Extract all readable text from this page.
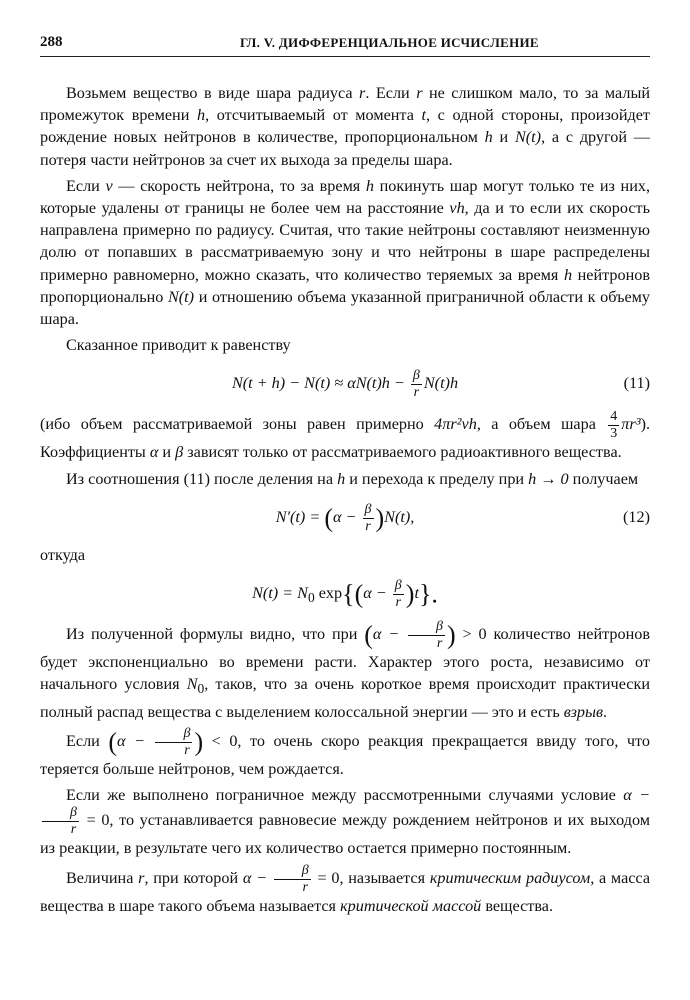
288	ГЛ. V. ДИФФЕРЕНЦИАЛЬНОЕ ИСЧИСЛЕНИЕ

Возьмем вещество в виде шара радиуса r. Если r не слишком мало, то за малый промежуток времени h, отсчитываемый от момента t, с одной стороны, произойдет рождение новых нейтронов в количестве, пропорциональном h и N(t), а с другой — потеря части нейтронов за счет их выхода за пределы шара.

Если v — скорость нейтрона, то за время h покинуть шар могут только те из них, которые удалены от границы не более чем на расстояние vh, да и то если их скорость направлена примерно по радиусу. Считая, что такие нейтроны составляют неизменную долю от попавших в рассматриваемую зону и что нейтроны в шаре распределены примерно равномерно, можно сказать, что количество теряемых за время h нейтронов пропорционально N(t) и отношению объема указанной приграничной области к объему шара.

Сказанное приводит к равенству

$N(t + h) - N(t) \approx \alpha N(t)h - \frac{\beta}{r} N(t)h$	(11)

(ибо объем рассматриваемой зоны равен примерно 4πr²vh, а объем шара $\frac{4}{3} \pi r^3$). Коэффициенты α и β зависят только от рассматриваемого радиоактивного вещества.

Из соотношения (11) после деления на h и перехода к пределу при h → 0 получаем

$N'(t) = (\alpha - \frac{\beta}{r} )N(t)$,	(12)

откуда

$N(t) = N_0$ $\exp\{(\alpha - \frac{\beta}{r} )t\}$.

Из полученной формулы видно, что при ($\alpha - \frac{\beta}{r}$ ) > 0 количество нейтронов будет экспоненциально во времени расти. Характер этого роста, независимо от начального условия $N_0$, таков, что за очень короткое время происходит практически полный распад вещества с выделением колоссальной энергии — это и есть взрыв.

Если ($\alpha - \frac{\beta}{r}$ ) < 0, то очень скоро реакция прекращается ввиду того, что теряется больше нейтронов, чем рождается.

Если же выполнено пограничное между рассмотренными случаями условие α −
$\frac{\beta}{r} = 0$, то устанавливается равновесие между рождением нейтронов и их выходом из реакции, в результате чего их количество остается примерно постоянным.

Величина r, при которой $\alpha - \frac{\beta}{r} = 0$, называется критическим радиусом, а масса вещества в шаре такого объема называется критической массой вещества.
